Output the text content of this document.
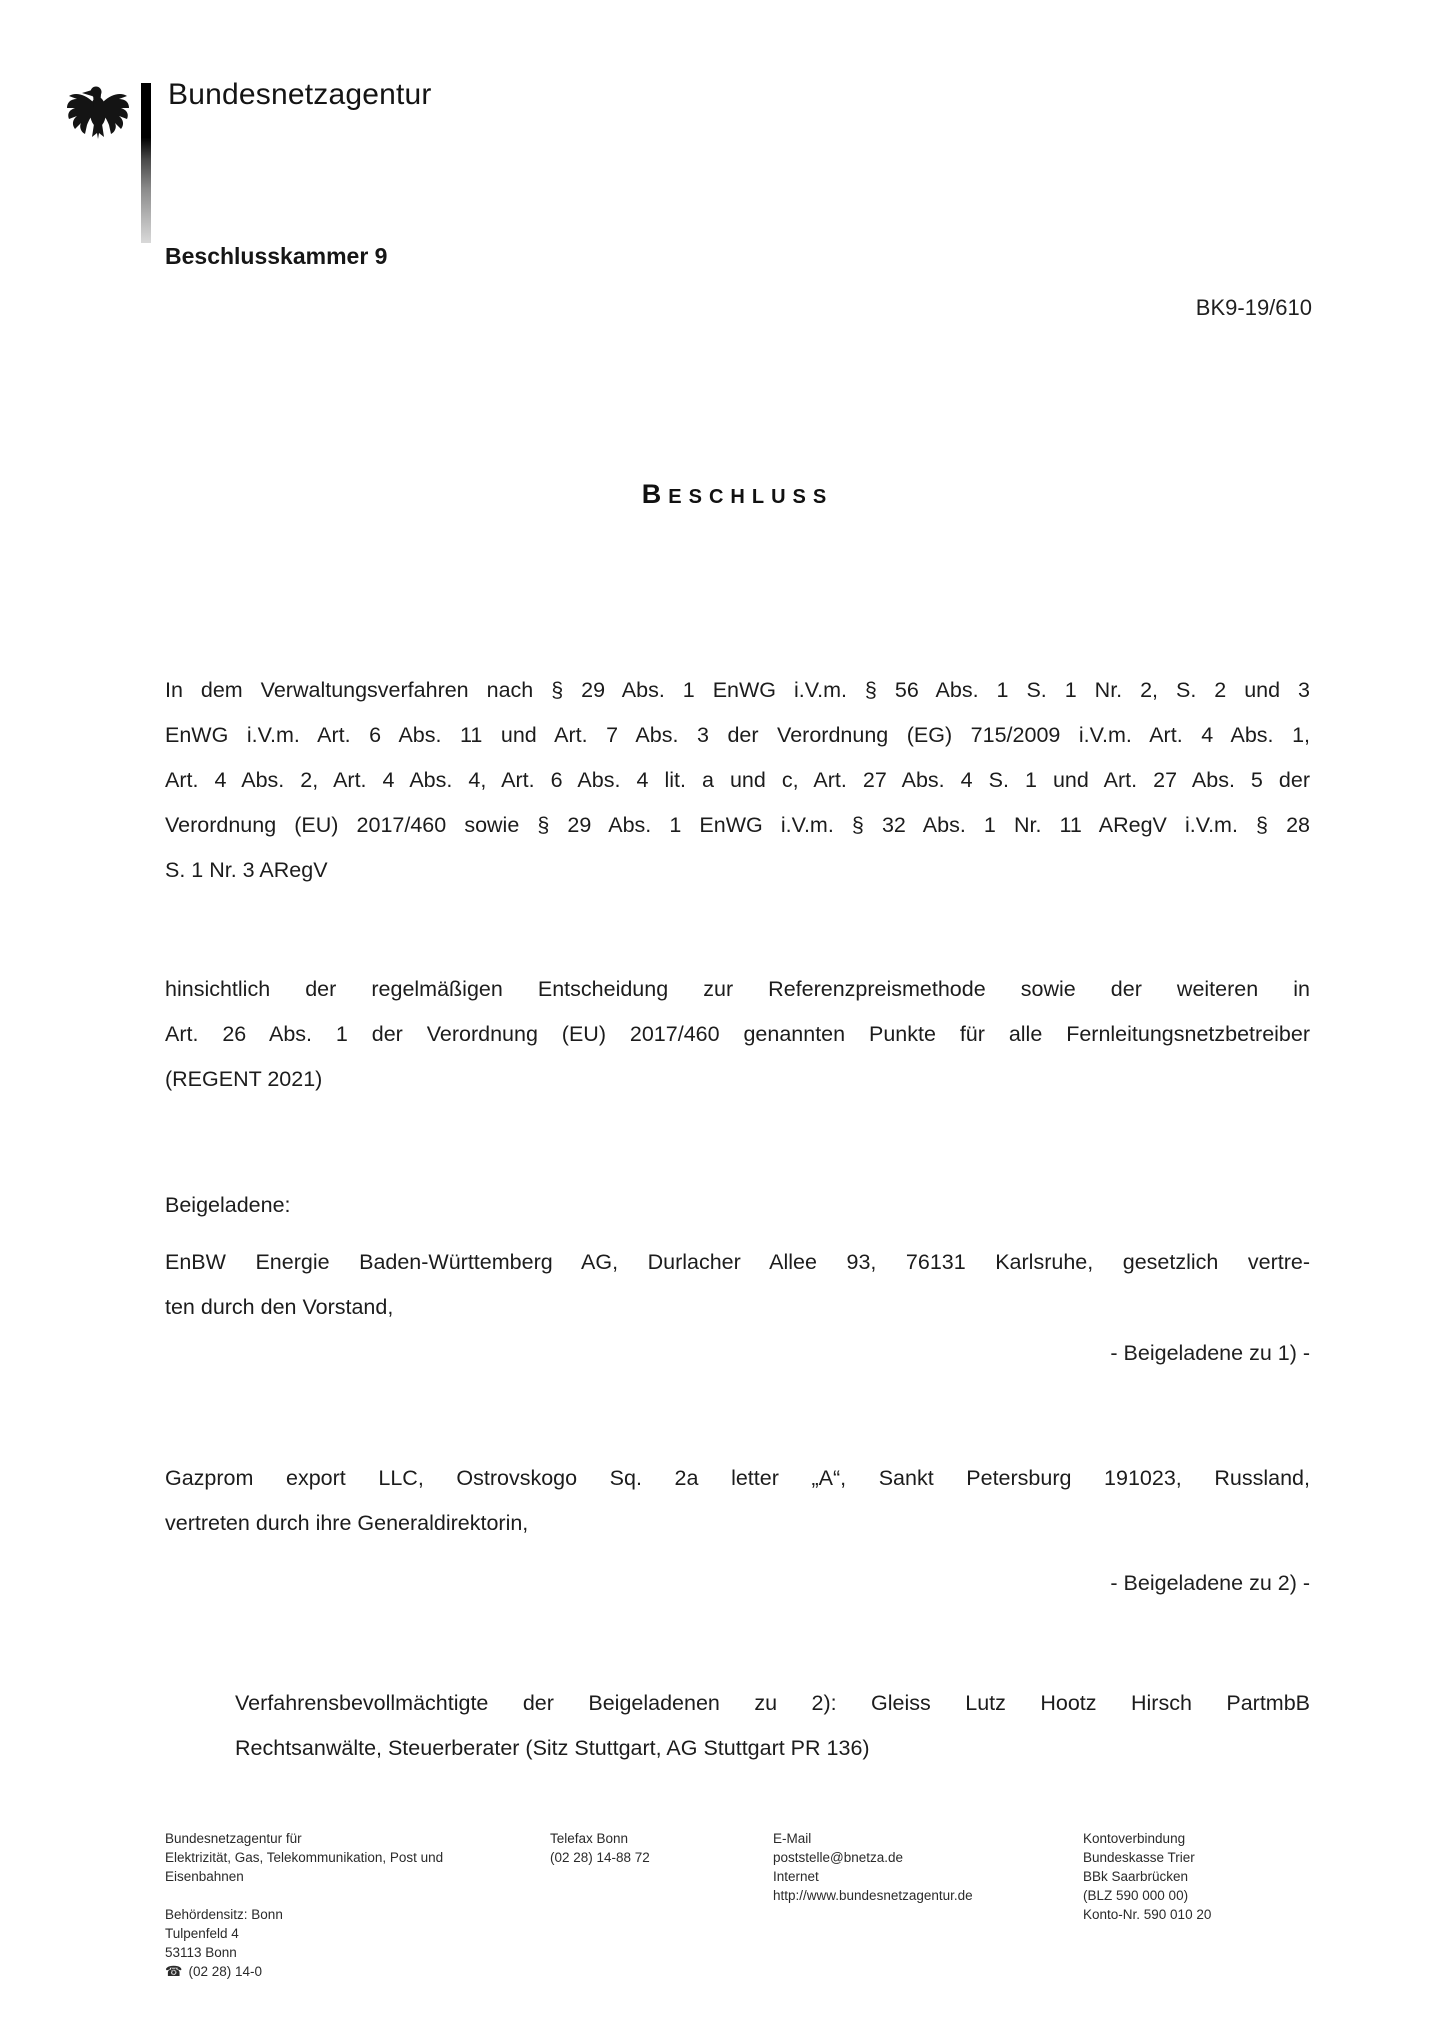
Bundesnetzagentur
Beschlusskammer 9
BK9-19/610
BESCHLUSS
In dem Verwaltungsverfahren nach § 29 Abs. 1 EnWG i.V.m. § 56 Abs. 1 S. 1 Nr. 2, S. 2 und 3
EnWG i.V.m. Art. 6 Abs. 11 und Art. 7 Abs. 3 der Verordnung (EG) 715/2009 i.V.m. Art. 4 Abs. 1,
Art. 4 Abs. 2, Art. 4 Abs. 4, Art. 6 Abs. 4 lit. a und c, Art. 27 Abs. 4 S. 1 und Art. 27 Abs. 5 der
Verordnung (EU) 2017/460 sowie § 29 Abs. 1 EnWG i.V.m. § 32 Abs. 1 Nr. 11 ARegV i.V.m. § 28
S. 1 Nr. 3 ARegV
hinsichtlich der regelmäßigen Entscheidung zur Referenzpreismethode sowie der weiteren in
Art. 26 Abs. 1 der Verordnung (EU) 2017/460 genannten Punkte für alle Fernleitungsnetzbetreiber
(REGENT 2021)
Beigeladene:
EnBW Energie Baden-Württemberg AG, Durlacher Allee 93, 76131 Karlsruhe, gesetzlich vertre-
ten durch den Vorstand,
- Beigeladene zu 1) -
Gazprom export LLC, Ostrovskogo Sq. 2a letter „A“, Sankt Petersburg 191023, Russland,
vertreten durch ihre Generaldirektorin,
- Beigeladene zu 2) -
Verfahrensbevollmächtigte der Beigeladenen zu 2): Gleiss Lutz Hootz Hirsch PartmbB
Rechtsanwälte, Steuerberater (Sitz Stuttgart, AG Stuttgart PR 136)
Bundesnetzagentur für
Elektrizität, Gas, Telekommunikation, Post und
Eisenbahnen
Behördensitz: Bonn
Tulpenfeld 4
53113 Bonn
☎ (02 28) 14-0
Telefax Bonn
(02 28) 14-88 72
E-Mail
poststelle@bnetza.de
Internet
http://www.bundesnetzagentur.de
Kontoverbindung
Bundeskasse Trier
BBk Saarbrücken
(BLZ 590 000 00)
Konto-Nr. 590 010 20
